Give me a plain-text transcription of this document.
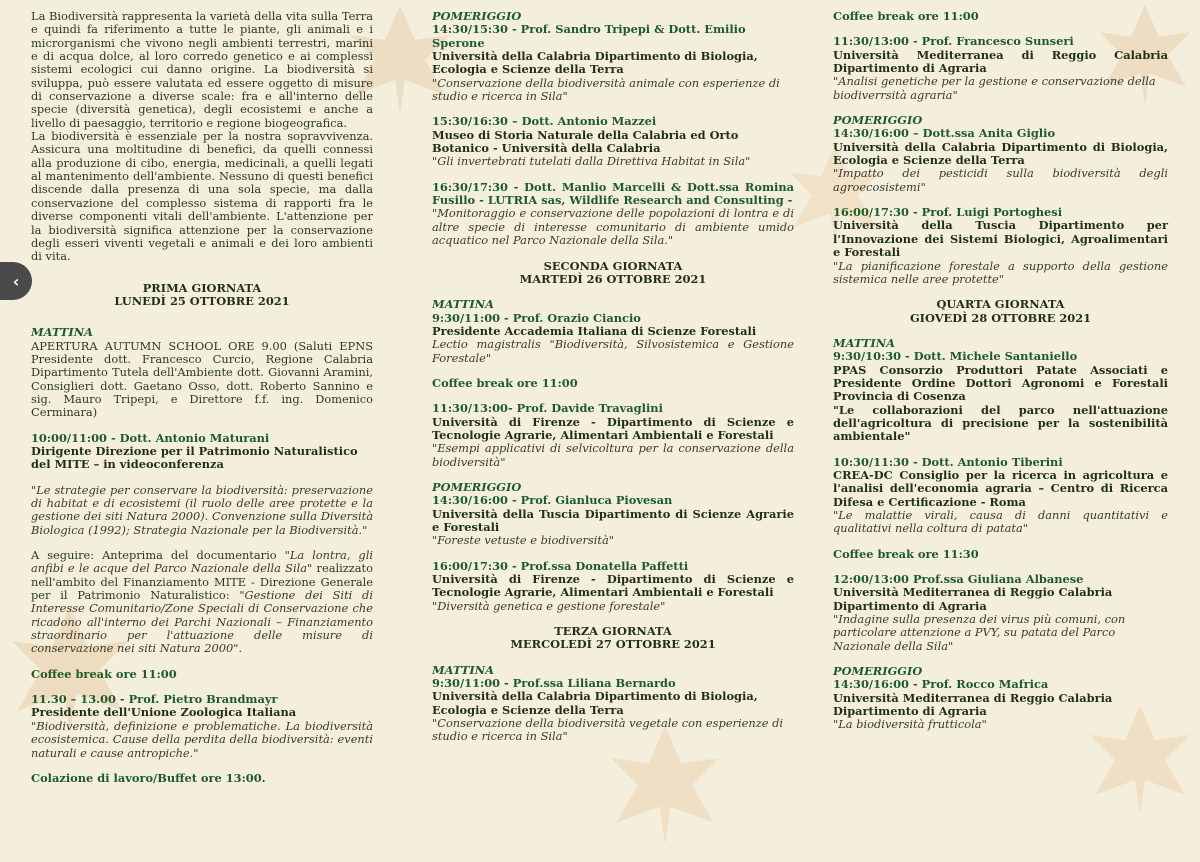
‹

La Biodiversità rappresenta la varietà della vita sulla Terra e quindi fa riferimento a tutte le piante, gli animali e i microrganismi che vivono negli ambienti terrestri, marini e di acqua dolce, al loro corredo genetico e ai complessi sistemi ecologici cui danno origine. La biodiversità si sviluppa, può essere valutata ed essere oggetto di misure di conservazione a diverse scale: fra e all'interno delle specie (diversità genetica), degli ecosistemi e anche a livello di paesaggio, territorio e regione biogeografica.

La biodiversità è essenziale per la nostra sopravvivenza. Assicura una moltitudine di benefici, da quelli connessi alla produzione di cibo, energia, medicinali, a quelli legati al mantenimento dell'ambiente. Nessuno di questi benefici discende dalla presenza di una sola specie, ma dalla conservazione del complesso sistema di rapporti fra le diverse componenti vitali dell'ambiente. L'attenzione per la biodiversità significa attenzione per la conservazione degli esseri viventi vegetali e animali e dei loro ambienti di vita.

PRIMA GIORNATA

LUNEDÌ 25 OTTOBRE 2021

MATTINA

APERTURA AUTUMN SCHOOL ORE 9.00 (Saluti EPNS Presidente dott. Francesco Curcio, Regione Calabria Dipartimento Tutela dell'Ambiente dott. Giovanni Aramini, Consiglieri dott. Gaetano Osso, dott. Roberto Sannino e sig. Mauro Tripepi, e Direttore f.f. ing. Domenico Cerminara)

10:00/11:00 - Dott. Antonio Maturani

Dirigente Direzione per il Patrimonio Naturalistico del MITE – in videoconferenza

"Le strategie per conservare la biodiversità: preservazione di habitat e di ecosistemi (il ruolo delle aree protette e la gestione dei siti Natura 2000). Convenzione sulla Diversità Biologica (1992); Strategia Nazionale per la Biodiversità."

A seguire: Anteprima del documentario "La lontra, gli anfibi e le acque del Parco Nazionale della Sila" realizzato nell'ambito del Finanziamento MITE - Direzione Generale per il Patrimonio Naturalistico: "Gestione dei Siti di Interesse Comunitario/Zone Speciali di Conservazione che ricadono all'interno dei Parchi Nazionali – Finanziamento straordinario per l'attuazione delle misure di conservazione nei siti Natura 2000".

Coffee break ore 11:00

11.30 – 13.00 - Prof. Pietro Brandmayr

Presidente dell'Unione Zoologica Italiana

"Biodiversità, definizione e problematiche. La biodiversità ecosistemica. Cause della perdita della biodiversità: eventi naturali e cause antropiche."

Colazione di lavoro/Buffet ore 13:00.

POMERIGGIO

14:30/15:30 - Prof. Sandro Tripepi & Dott. Emilio Sperone

Università della Calabria Dipartimento di Biologia, Ecologia e Scienze della Terra

"Conservazione della biodiversità animale con esperienze di studio e ricerca in Sila"

15:30/16:30 – Dott. Antonio Mazzei

Museo di Storia Naturale della Calabria ed Orto Botanico - Università della Calabria

"Gli invertebrati tutelati dalla Direttiva Habitat in Sila"

16:30/17:30 - Dott. Manlio Marcelli & Dott.ssa Romina Fusillo - LUTRIA sas, Wildlife Research and Consulting -

"Monitoraggio e conservazione delle popolazioni di lontra e di altre specie di interesse comunitario di ambiente umido acquatico nel Parco Nazionale della Sila."

SECONDA GIORNATA

MARTEDÌ 26 OTTOBRE 2021

MATTINA

9:30/11:00 - Prof. Orazio Ciancio

Presidente Accademia Italiana di Scienze Forestali

Lectio magistralis "Biodiversità, Silvosistemica e Gestione Forestale"

Coffee break ore 11:00

11:30/13:00- Prof. Davide Travaglini

Università di Firenze - Dipartimento di Scienze e Tecnologie Agrarie, Alimentari Ambientali e Forestali

"Esempi applicativi di selvicoltura per la conservazione della biodiversità"

POMERIGGIO

14:30/16:00 - Prof. Gianluca Piovesan

Università della Tuscia Dipartimento di Scienze Agrarie e Forestali

"Foreste vetuste e biodiversità"

16:00/17:30 - Prof.ssa Donatella Paffetti

Università di Firenze - Dipartimento di Scienze e Tecnologie Agrarie, Alimentari Ambientali e Forestali

"Diversità genetica e gestione forestale"

TERZA GIORNATA

MERCOLEDÌ 27 OTTOBRE 2021

MATTINA

9:30/11:00 - Prof.ssa Liliana Bernardo

Università della Calabria Dipartimento di Biologia, Ecologia e Scienze della Terra

"Conservazione della biodiversità vegetale con esperienze di studio e ricerca in Sila"

Coffee break ore 11:00

11:30/13:00 - Prof. Francesco Sunseri

Università Mediterranea di Reggio Calabria Dipartimento di Agraria

"Analisi genetiche per la gestione e conservazione della biodiverrsità agraria"

POMERIGGIO

14:30/16:00 – Dott.ssa Anita Giglio

Università della Calabria Dipartimento di Biologia, Ecologia e Scienze della Terra

"Impatto dei pesticidi sulla biodiversità degli agroecosistemi"

16:00/17:30 - Prof. Luigi Portoghesi

Università della Tuscia Dipartimento per l'Innovazione dei Sistemi Biologici, Agroalimentari e Forestali

"La pianificazione forestale a supporto della gestione sistemica nelle aree protette"

QUARTA GIORNATA

GIOVEDÌ 28 OTTOBRE 2021

MATTINA

9:30/10:30 - Dott. Michele Santaniello

PPAS Consorzio Produttori Patate Associati e Presidente Ordine Dottori Agronomi e Forestali Provincia di Cosenza

"Le collaborazioni del parco nell'attuazione dell'agricoltura di precisione per la sostenibilità ambientale"

10:30/11:30 - Dott. Antonio Tiberini

CREA-DC Consiglio per la ricerca in agricoltura e l'analisi dell'economia agraria – Centro di Ricerca Difesa e Certificazione - Roma

"Le malattie virali, causa di danni quantitativi e qualitativi nella coltura di patata"

Coffee break ore 11:30

12:00/13:00 Prof.ssa Giuliana Albanese

Università Mediterranea di Reggio Calabria Dipartimento di Agraria

"Indagine sulla presenza dei virus più comuni, con particolare attenzione a PVY, su patata del Parco Nazionale della Sila"

POMERIGGIO

14:30/16:00 - Prof. Rocco Mafrica

Università Mediterranea di Reggio Calabria Dipartimento di Agraria

"La biodiversità frutticola"
